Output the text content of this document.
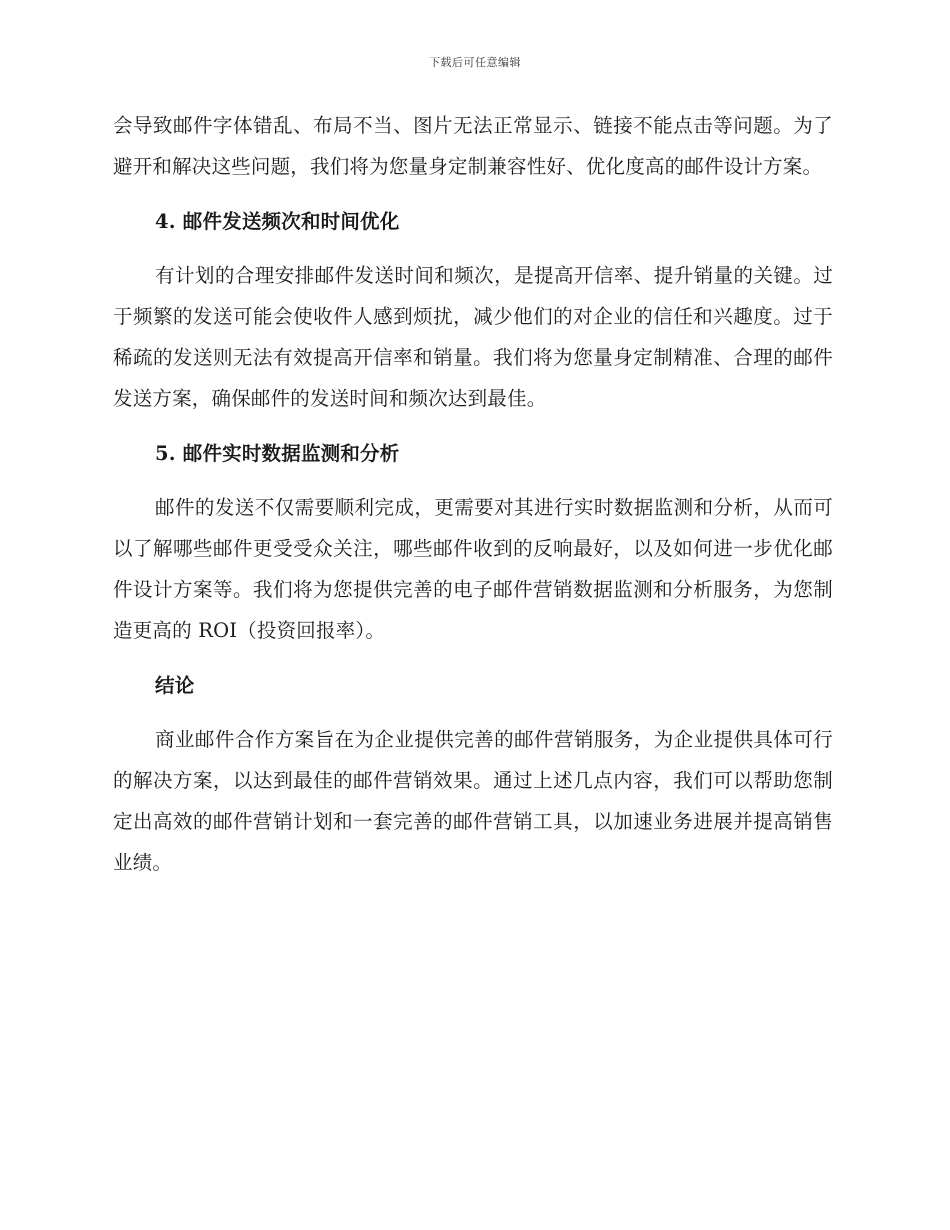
下载后可任意编辑

会导致邮件字体错乱、布局不当、图片无法正常显示、链接不能点击等问题。为了避开和解决这些问题，我们将为您量身定制兼容性好、优化度高的邮件设计方案。

4. 邮件发送频次和时间优化

有计划的合理安排邮件发送时间和频次，是提高开信率、提升销量的关键。过于频繁的发送可能会使收件人感到烦扰，减少他们的对企业的信任和兴趣度。过于稀疏的发送则无法有效提高开信率和销量。我们将为您量身定制精准、合理的邮件发送方案，确保邮件的发送时间和频次达到最佳。

5. 邮件实时数据监测和分析

邮件的发送不仅需要顺利完成，更需要对其进行实时数据监测和分析，从而可以了解哪些邮件更受受众关注，哪些邮件收到的反响最好，以及如何进一步优化邮件设计方案等。我们将为您提供完善的电子邮件营销数据监测和分析服务，为您制造更高的 ROI（投资回报率）。

结论

商业邮件合作方案旨在为企业提供完善的邮件营销服务，为企业提供具体可行的解决方案，以达到最佳的邮件营销效果。通过上述几点内容，我们可以帮助您制定出高效的邮件营销计划和一套完善的邮件营销工具，以加速业务进展并提高销售业绩。
